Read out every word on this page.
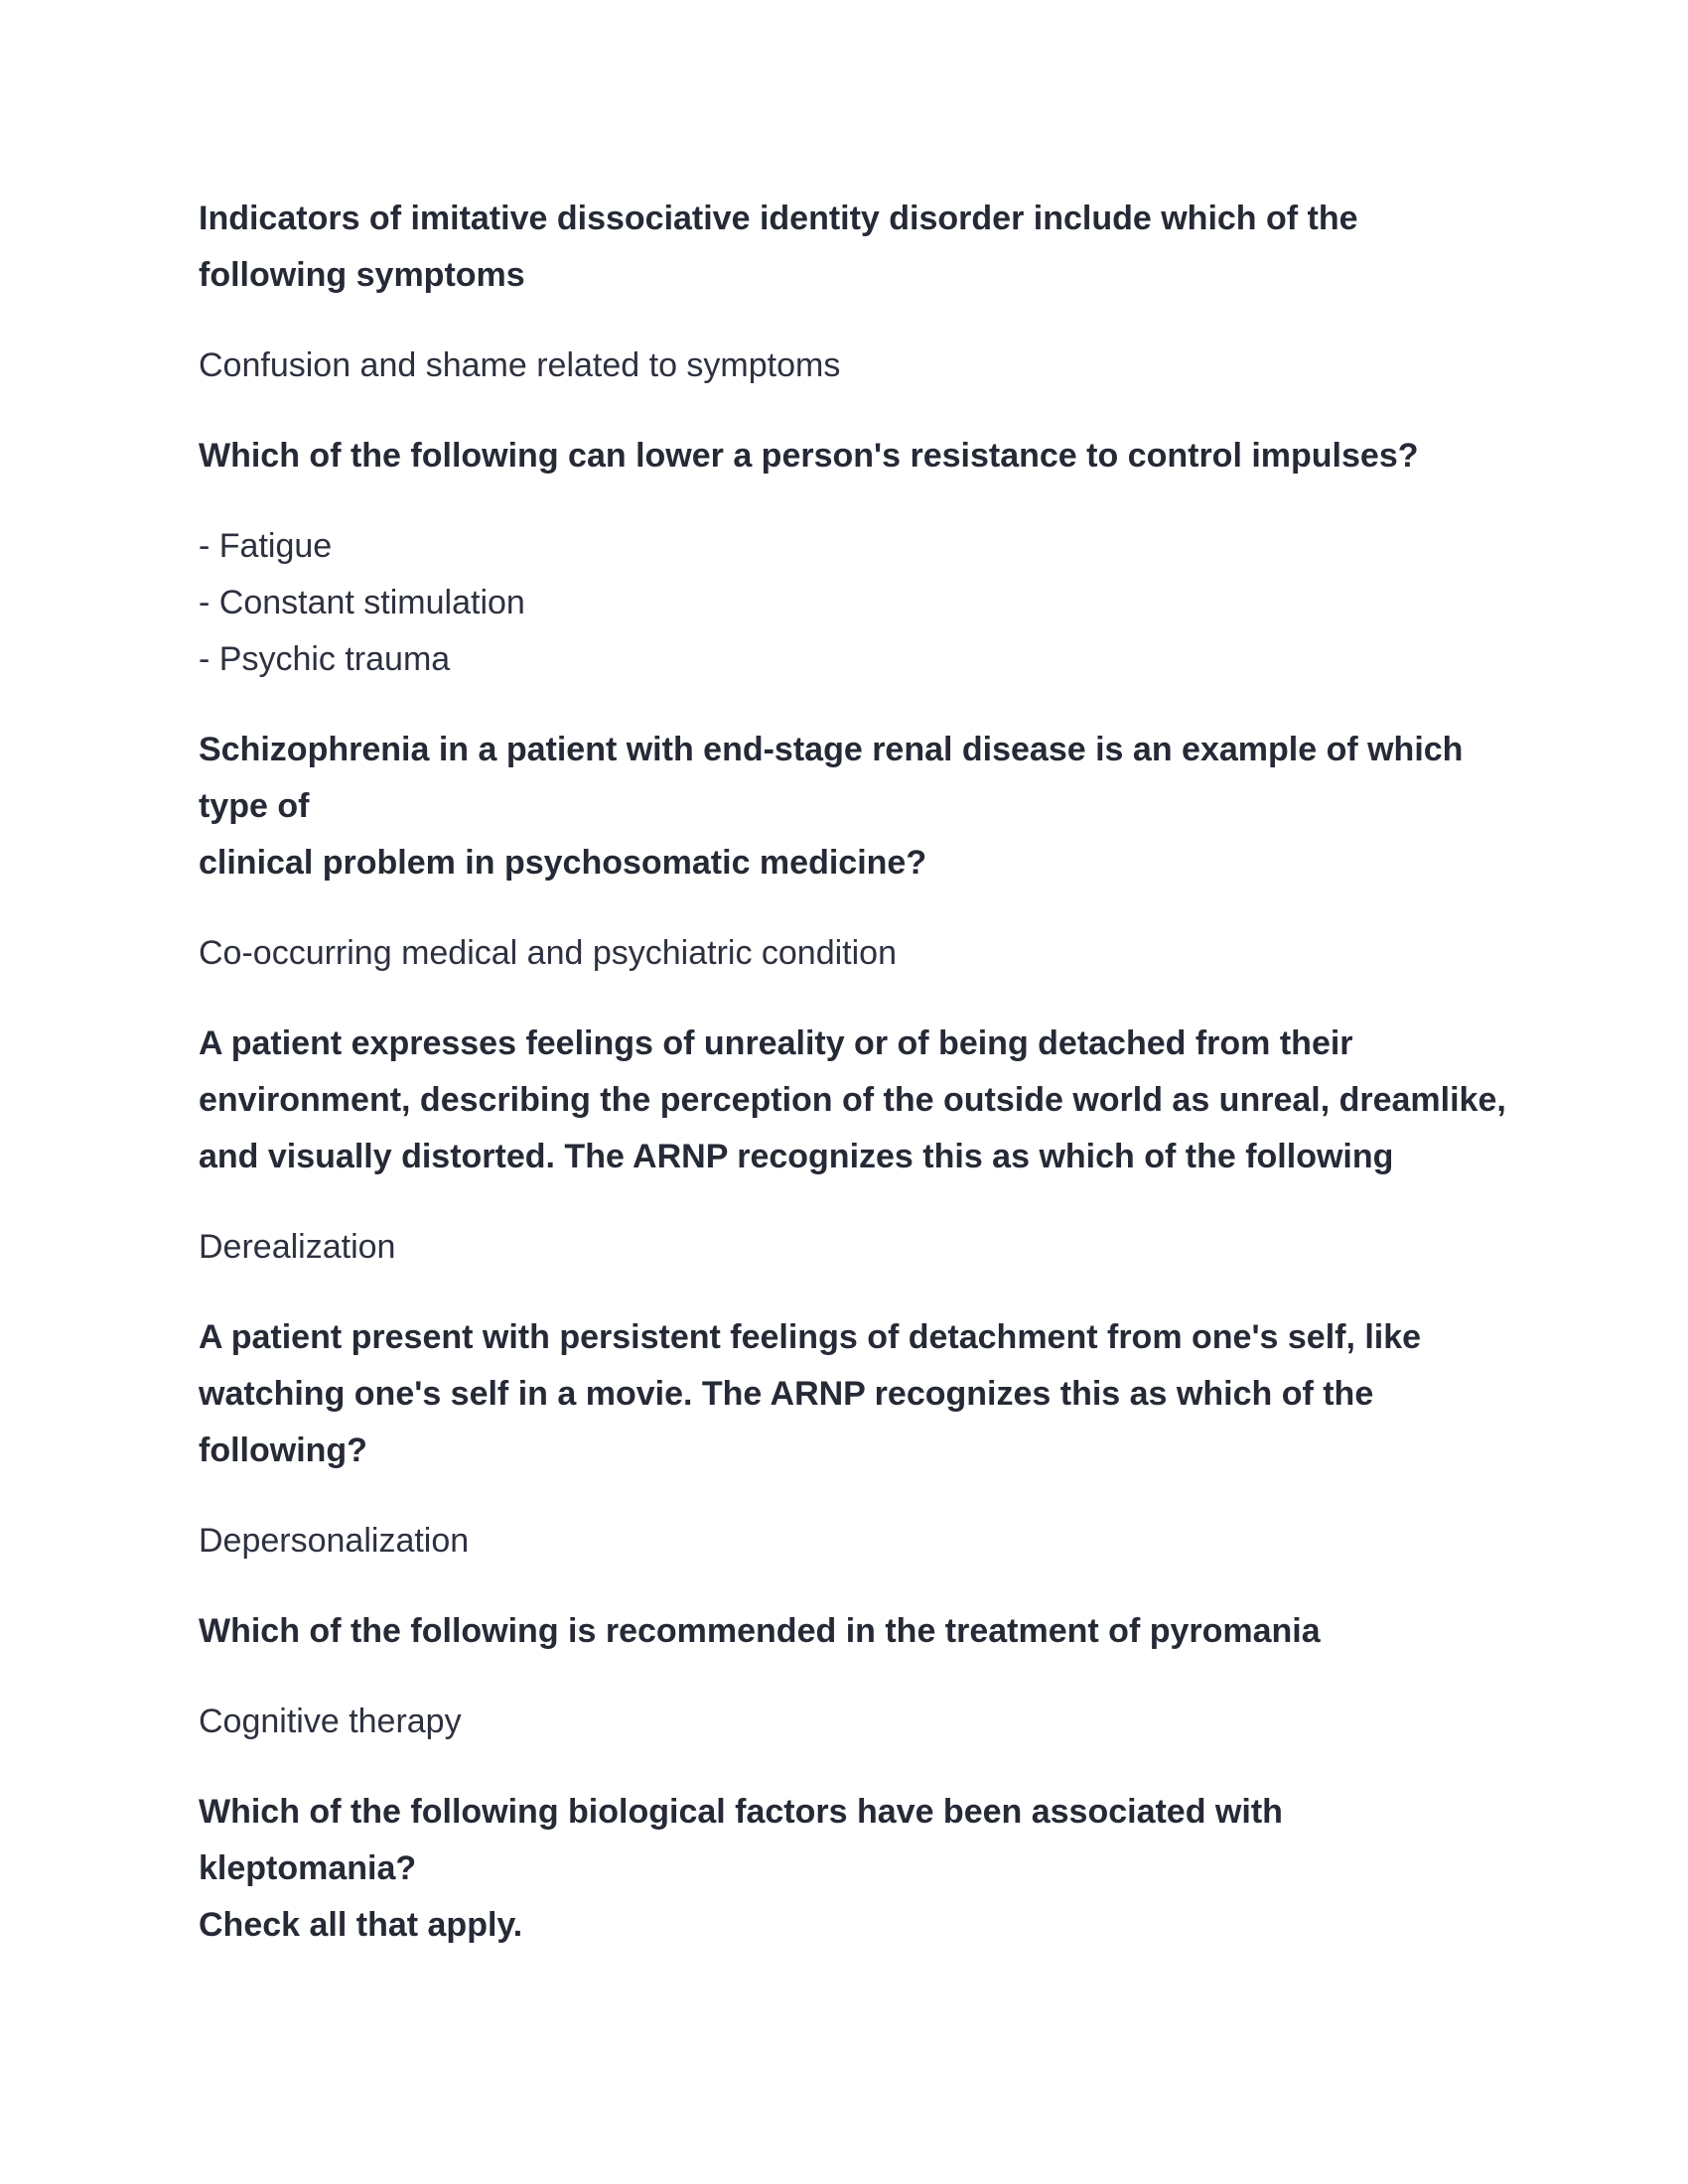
Indicators of imitative dissociative identity disorder include which of the
following symptoms
Confusion and shame related to symptoms
Which of the following can lower a person's resistance to control impulses?
- Fatigue
- Constant stimulation
- Psychic trauma
Schizophrenia in a patient with end-stage renal disease is an example of which
type of
clinical problem in psychosomatic medicine?
Co-occurring medical and psychiatric condition
A patient expresses feelings of unreality or of being detached from their
environment, describing the perception of the outside world as unreal, dreamlike,
and visually distorted. The ARNP recognizes this as which of the following
Derealization
A patient present with persistent feelings of detachment from one's self, like
watching one's self in a movie. The ARNP recognizes this as which of the
following?
Depersonalization
Which of the following is recommended in the treatment of pyromania
Cognitive therapy
Which of the following biological factors have been associated with kleptomania?
Check all that apply.
